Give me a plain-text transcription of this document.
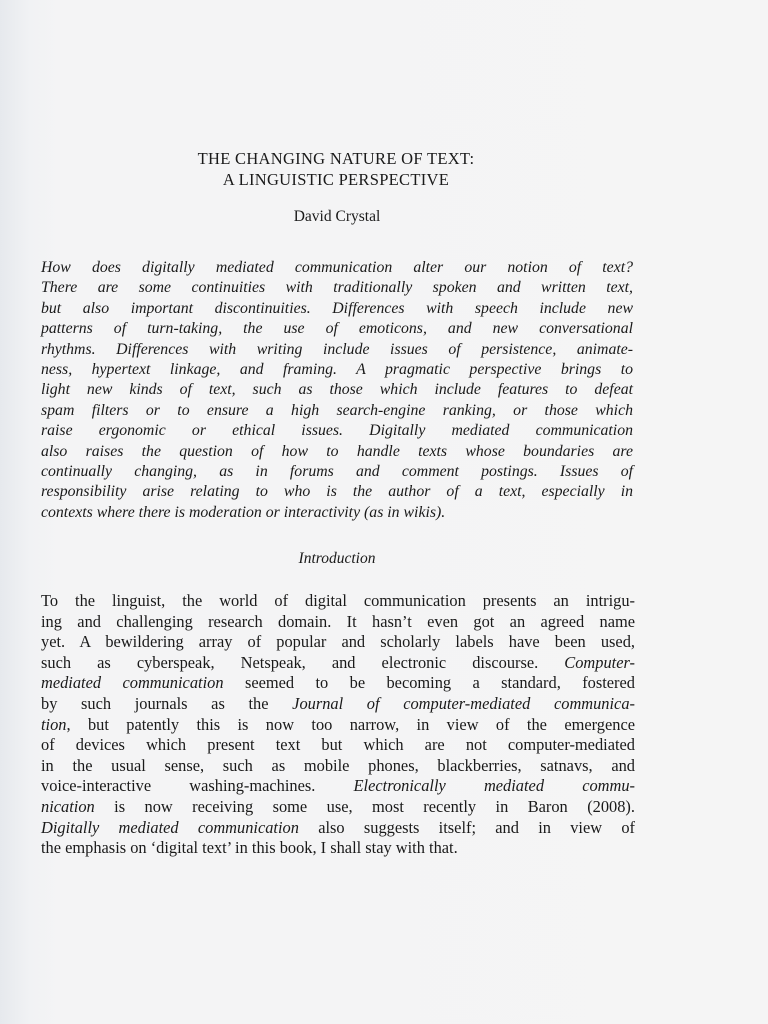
THE CHANGING NATURE OF TEXT:
A LINGUISTIC PERSPECTIVE

David Crystal

How does digitally mediated communication alter our notion of text?
There are some continuities with traditionally spoken and written text,
but also important discontinuities. Differences with speech include new
patterns of turn-taking, the use of emoticons, and new conversational
rhythms. Differences with writing include issues of persistence, animate-
ness, hypertext linkage, and framing. A pragmatic perspective brings to
light new kinds of text, such as those which include features to defeat
spam filters or to ensure a high search-engine ranking, or those which
raise ergonomic or ethical issues. Digitally mediated communication
also raises the question of how to handle texts whose boundaries are
continually changing, as in forums and comment postings. Issues of
responsibility arise relating to who is the author of a text, especially in
contexts where there is moderation or interactivity (as in wikis).
Introduction
To the linguist, the world of digital communication presents an intrigu-
ing and challenging research domain. It hasn’t even got an agreed name
yet. A bewildering array of popular and scholarly labels have been used,
such as cyberspeak, Netspeak, and electronic discourse. Computer-
mediated communication seemed to be becoming a standard, fostered
by such journals as the Journal of computer-mediated communica-
tion, but patently this is now too narrow, in view of the emergence
of devices which present text but which are not computer-mediated
in the usual sense, such as mobile phones, blackberries, satnavs, and
voice-interactive washing-machines. Electronically mediated commu-
nication is now receiving some use, most recently in Baron (2008).
Digitally mediated communication also suggests itself; and in view of
the emphasis on ‘digital text’ in this book, I shall stay with that.
